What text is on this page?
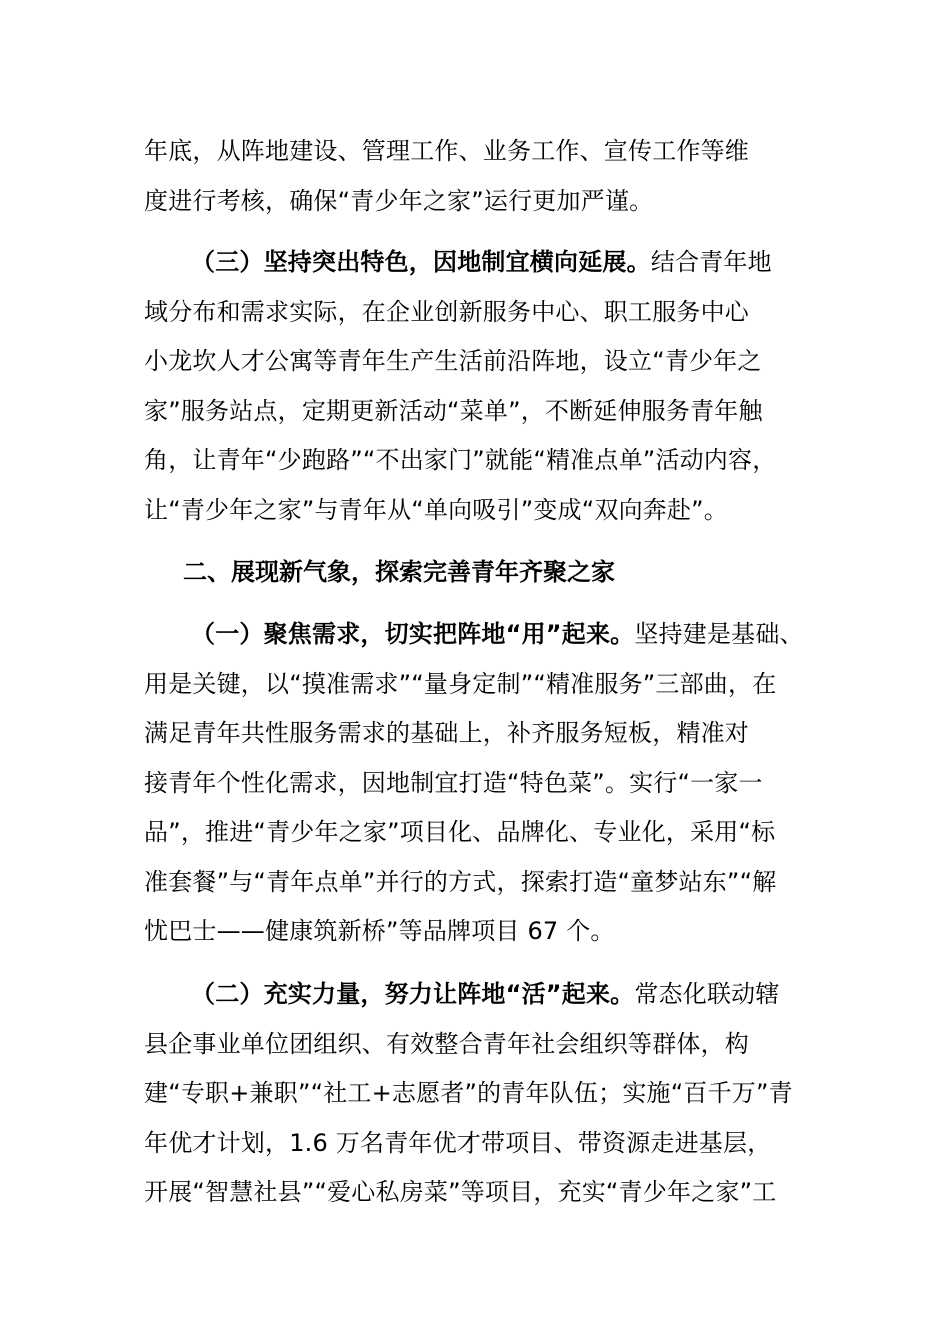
年底，从阵地建设、管理工作、业务工作、宣传工作等维
度进行考核，确保“青少年之家”运行更加严谨。
（三）坚持突出特色，因地制宜横向延展。结合青年地
域分布和需求实际，在企业创新服务中心、职工服务中心
小龙坎人才公寓等青年生产生活前沿阵地，设立“青少年之
家”服务站点，定期更新活动“菜单”，不断延伸服务青年触
角，让青年“少跑路”“不出家门”就能“精准点单”活动内容，
让“青少年之家”与青年从“单向吸引”变成“双向奔赴”。
二、展现新气象，探索完善青年齐聚之家
（一）聚焦需求，切实把阵地“用”起来。坚持建是基础、
用是关键，以“摸准需求”“量身定制”“精准服务”三部曲，在
满足青年共性服务需求的基础上，补齐服务短板，精准对
接青年个性化需求，因地制宜打造“特色菜”。实行“一家一
品”，推进“青少年之家”项目化、品牌化、专业化，采用“标
准套餐”与“青年点单”并行的方式，探索打造“童梦站东”“解
忧巴士——健康筑新桥”等品牌项目 67 个。
（二）充实力量，努力让阵地“活”起来。常态化联动辖
县企事业单位团组织、有效整合青年社会组织等群体，构
建“专职+兼职”“社工+志愿者”的青年队伍；实施“百千万”青
年优才计划，1.6 万名青年优才带项目、带资源走进基层，
开展“智慧社县”“爱心私房菜”等项目，充实“青少年之家”工
